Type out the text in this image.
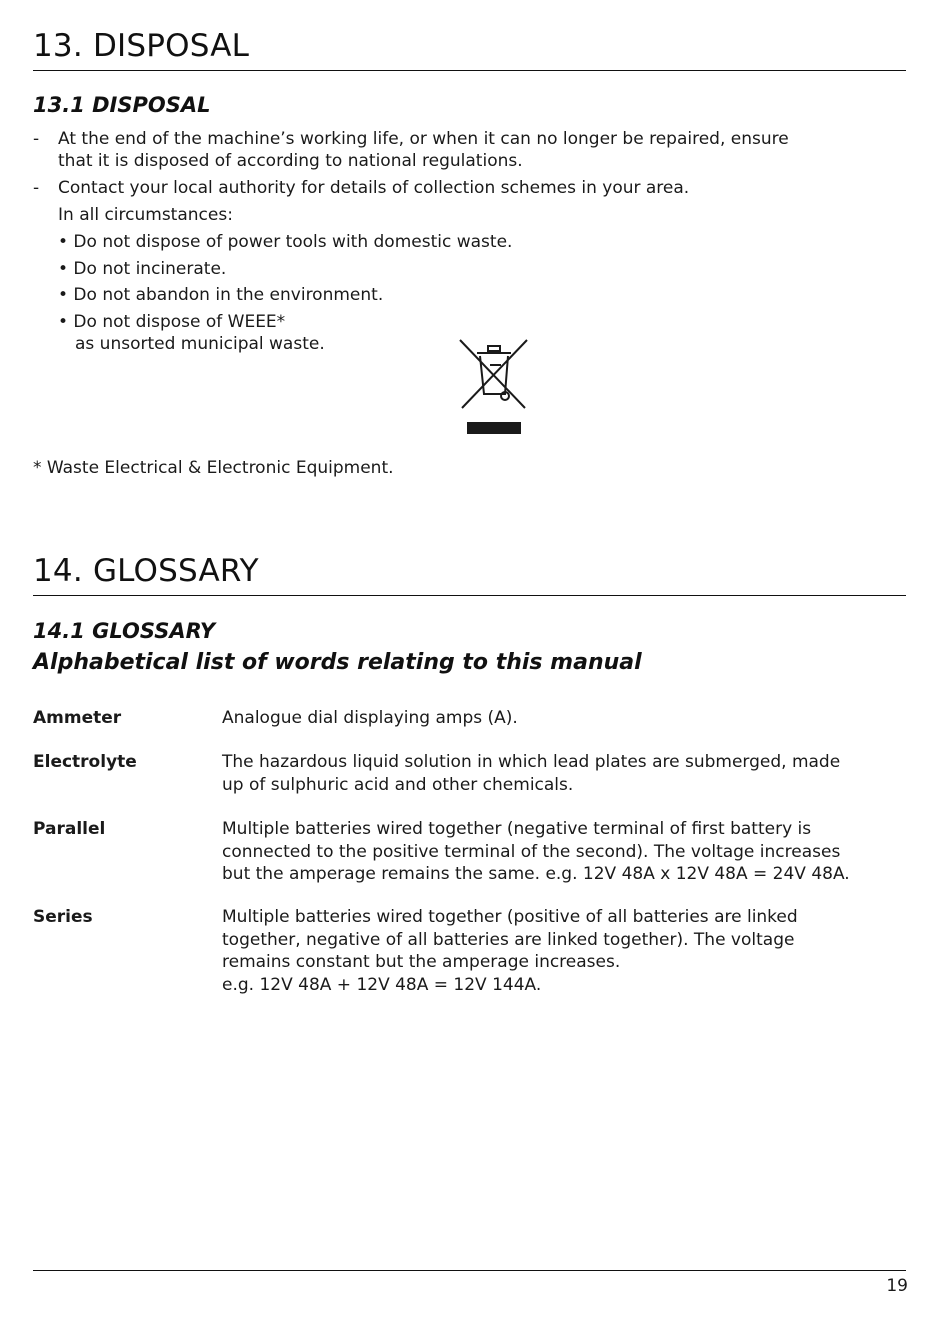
13. DISPOSAL
13.1 DISPOSAL
- At the end of the machine’s working life, or when it can no longer be repaired, ensure
that it is disposed of according to national regulations.
- Contact your local authority for details of collection schemes in your area.
In all circumstances:
• Do not dispose of power tools with domestic waste.
• Do not incinerate.
• Do not abandon in the environment.
• Do not dispose of WEEE*
as unsorted municipal waste.
* Waste Electrical & Electronic Equipment.
14. GLOSSARY
14.1 GLOSSARY
Alphabetical list of words relating to this manual
Ammeter	Analogue dial displaying amps (A).
Electrolyte	The hazardous liquid solution in which lead plates are submerged, made
up of sulphuric acid and other chemicals.
Parallel	Multiple batteries wired together (negative terminal of first battery is
connected to the positive terminal of the second). The voltage increases
but the amperage remains the same. e.g. 12V 48A x 12V 48A = 24V 48A.
Series	Multiple batteries wired together (positive of all batteries are linked
together, negative of all batteries are linked together). The voltage
remains constant but the amperage increases.
e.g. 12V 48A + 12V 48A = 12V 144A.
19
